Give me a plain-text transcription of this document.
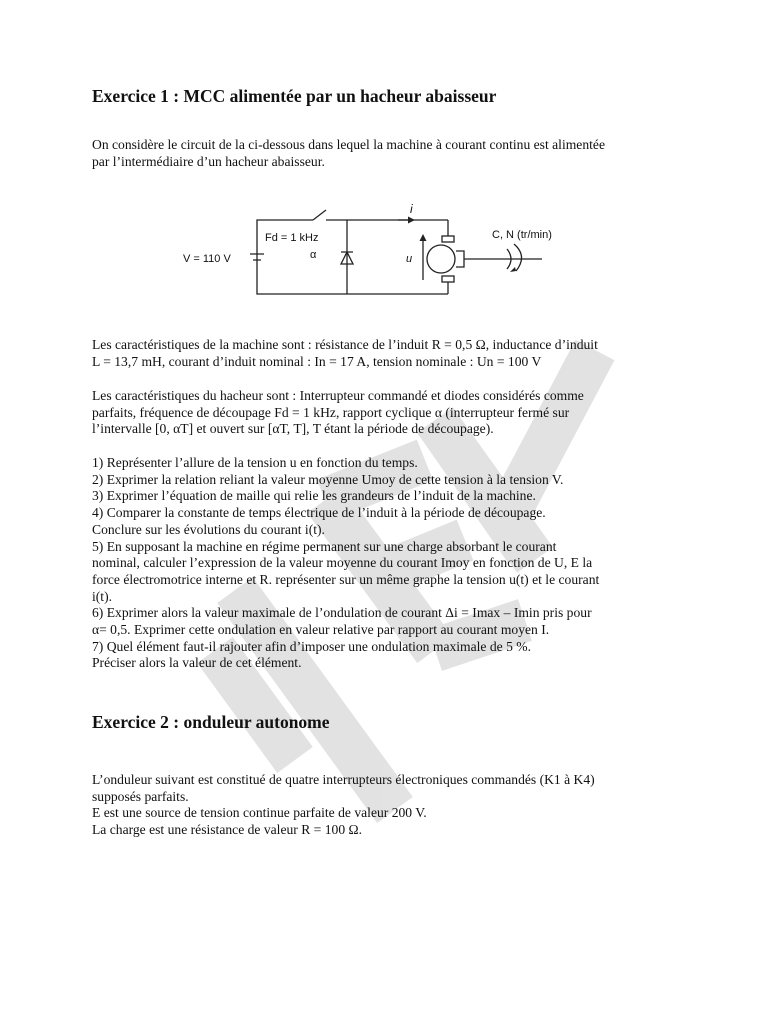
Exercice 1 : MCC alimentée par un hacheur abaisseur
On considère le circuit de la ci-dessous dans lequel la machine à courant continu est alimentée
par l’intermédiaire d’un hacheur abaisseur.
Les caractéristiques de la machine sont : résistance de l’induit R = 0,5 Ω, inductance d’induit
L = 13,7 mH, courant d’induit nominal : In = 17 A, tension nominale : Un = 100 V
Les caractéristiques du hacheur sont : Interrupteur commandé et diodes considérés comme
parfaits, fréquence de découpage Fd = 1 kHz, rapport cyclique α (interrupteur fermé sur
l’intervalle [0, αT] et ouvert sur [αT, T], T étant la période de découpage).
1) Représenter l’allure de la tension u en fonction du temps.
2) Exprimer la relation reliant la valeur moyenne Umoy de cette tension à la tension V.
3) Exprimer l’équation de maille qui relie les grandeurs de l’induit de la machine.
4) Comparer la constante de temps électrique de l’induit à la période de découpage.
Conclure sur les évolutions du courant i(t).
5) En supposant la machine en régime permanent sur une charge absorbant le courant
nominal, calculer l’expression de la valeur moyenne du courant Imoy en fonction de U, E la
force électromotrice interne et R. représenter sur un même graphe la tension u(t) et le courant
i(t).
6) Exprimer alors la valeur maximale de l’ondulation de courant Δi = Imax – Imin pris pour
α= 0,5. Exprimer cette ondulation en valeur relative par rapport au courant moyen I.
7) Quel élément faut-il rajouter afin d’imposer une ondulation maximale de 5 %.
Préciser alors la valeur de cet élément.
Exercice 2 : onduleur autonome
L’onduleur suivant est constitué de quatre interrupteurs électroniques commandés (K1 à K4)
supposés parfaits.
E est une source de tension continue parfaite de valeur 200 V.
La charge est une résistance de valeur R = 100 Ω.
V = 110 V
Fd = 1 kHz
α
i
u
C, N (tr/min)
